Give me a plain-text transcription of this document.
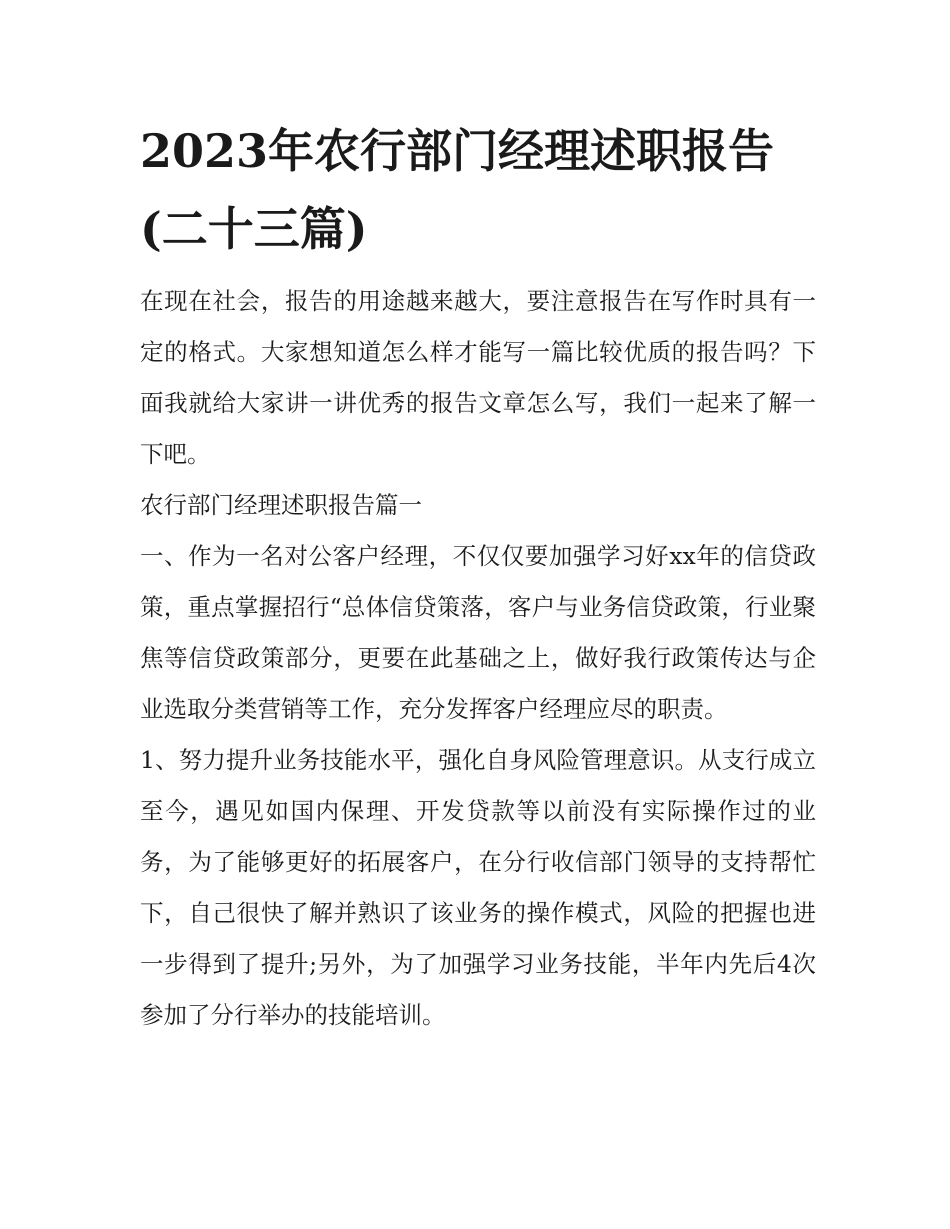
2023年农行部门经理述职报告(二十三篇)

在现在社会，报告的用途越来越大，要注意报告在写作时具有一定的格式。大家想知道怎么样才能写一篇比较优质的报告吗？下面我就给大家讲一讲优秀的报告文章怎么写，我们一起来了解一下吧。

农行部门经理述职报告篇一

一、作为一名对公客户经理，不仅仅要加强学习好xx年的信贷政策，重点掌握招行“总体信贷策落，客户与业务信贷政策，行业聚焦等信贷政策部分，更要在此基础之上，做好我行政策传达与企业选取分类营销等工作，充分发挥客户经理应尽的职责。

1、努力提升业务技能水平，强化自身风险管理意识。从支行成立至今，遇见如国内保理、开发贷款等以前没有实际操作过的业务，为了能够更好的拓展客户，在分行收信部门领导的支持帮忙下，自己很快了解并熟识了该业务的操作模式，风险的把握也进一步得到了提升;另外，为了加强学习业务技能，半年内先后4次参加了分行举办的技能培训。
